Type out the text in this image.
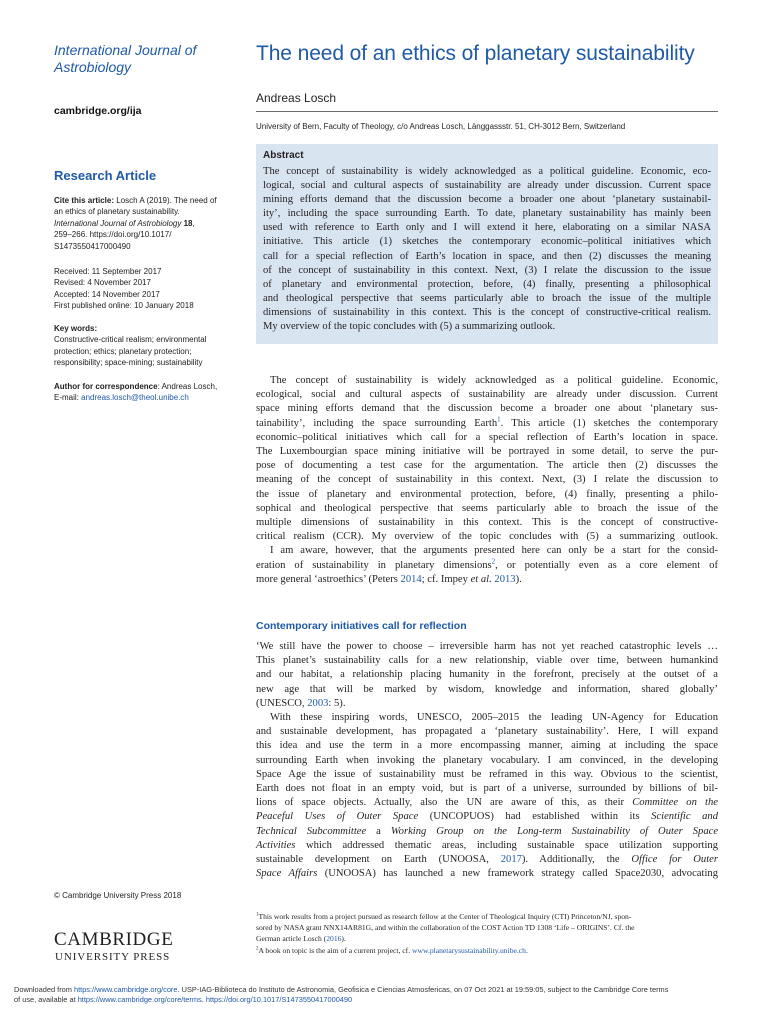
International Journal of
Astrobiology
cambridge.org/ija
Research Article
Cite this article: Losch A (2019). The need of
an ethics of planetary sustainability.
International Journal of Astrobiology 18,
259–266. https://doi.org/10.1017/
S1473550417000490
Received: 11 September 2017
Revised: 4 November 2017
Accepted: 14 November 2017
First published online: 10 January 2018
Key words:
Constructive-critical realism; environmental
protection; ethics; planetary protection;
responsibility; space-mining; sustainability
Author for correspondence: Andreas Losch,
E-mail: andreas.losch@theol.unibe.ch
The need of an ethics of planetary sustainability
Andreas Losch
University of Bern, Faculty of Theology, c/o Andreas Losch, Länggassstr. 51, CH-3012 Bern, Switzerland
Abstract
The concept of sustainability is widely acknowledged as a political guideline. Economic, eco-
logical, social and cultural aspects of sustainability are already under discussion. Current space
mining efforts demand that the discussion become a broader one about ‘planetary sustainabil-
ity’, including the space surrounding Earth. To date, planetary sustainability has mainly been
used with reference to Earth only and I will extend it here, elaborating on a similar NASA
initiative. This article (1) sketches the contemporary economic–political initiatives which
call for a special reflection of Earth’s location in space, and then (2) discusses the meaning
of the concept of sustainability in this context. Next, (3) I relate the discussion to the issue
of planetary and environmental protection, before, (4) finally, presenting a philosophical
and theological perspective that seems particularly able to broach the issue of the multiple
dimensions of sustainability in this context. This is the concept of constructive-critical realism.
My overview of the topic concludes with (5) a summarizing outlook.
The concept of sustainability is widely acknowledged as a political guideline. Economic,
ecological, social and cultural aspects of sustainability are already under discussion. Current
space mining efforts demand that the discussion become a broader one about ‘planetary sus-
tainability’, including the space surrounding Earth$^1$. This article (1) sketches the contemporary
economic–political initiatives which call for a special reflection of Earth’s location in space.
The Luxembourgian space mining initiative will be portrayed in some detail, to serve the pur-
pose of documenting a test case for the argumentation. The article then (2) discusses the
meaning of the concept of sustainability in this context. Next, (3) I relate the discussion to
the issue of planetary and environmental protection, before, (4) finally, presenting a philo-
sophical and theological perspective that seems particularly able to broach the issue of the
multiple dimensions of sustainability in this context. This is the concept of constructive-
critical realism (CCR). My overview of the topic concludes with (5) a summarizing outlook.
I am aware, however, that the arguments presented here can only be a start for the consid-
eration of sustainability in planetary dimensions$^2$, or potentially even as a core element of
more general ‘astroethics’ (Peters 2014; cf. Impey et al. 2013).
Contemporary initiatives call for reflection
‘We still have the power to choose – irreversible harm has not yet reached catastrophic levels …
This planet’s sustainability calls for a new relationship, viable over time, between humankind
and our habitat, a relationship placing humanity in the forefront, precisely at the outset of a
new age that will be marked by wisdom, knowledge and information, shared globally’
(UNESCO, 2003: 5).
With these inspiring words, UNESCO, 2005–2015 the leading UN-Agency for Education
and sustainable development, has propagated a ‘planetary sustainability’. Here, I will expand
this idea and use the term in a more encompassing manner, aiming at including the space
surrounding Earth when invoking the planetary vocabulary. I am convinced, in the developing
Space Age the issue of sustainability must be reframed in this way. Obvious to the scientist,
Earth does not float in an empty void, but is part of a universe, surrounded by billions of bil-
lions of space objects. Actually, also the UN are aware of this, as their Committee on the
Peaceful Uses of Outer Space (UNCOPUOS) had established within its Scientific and
Technical Subcommittee a Working Group on the Long-term Sustainability of Outer Space
Activities which addressed thematic areas, including sustainable space utilization supporting
sustainable development on Earth (UNOOSA, 2017). Additionally, the Office for Outer
Space Affairs (UNOOSA) has launched a new framework strategy called Space2030, advocating
© Cambridge University Press 2018
CAMBRIDGE
UNIVERSITY PRESS
$^1$This work results from a project pursued as research fellow at the Center of Theological Inquiry (CTI) Princeton/NJ, spon-
sored by NASA grant NNX14AR81G, and within the collaboration of the COST Action TD 1308 ‘Life – ORIGINS’. Cf. the
German article Losch (2016).
$^2$A book on topic is the aim of a current project, cf. www.planetarysustainability.unibe.ch.
Downloaded from https://www.cambridge.org/core. USP-IAG-Biblioteca do Instituto de Astronomia, Geofisica e Ciencias Atmosfericas, on 07 Oct 2021 at 19:59:05, subject to the Cambridge Core terms
of use, available at https://www.cambridge.org/core/terms. https://doi.org/10.1017/S1473550417000490
